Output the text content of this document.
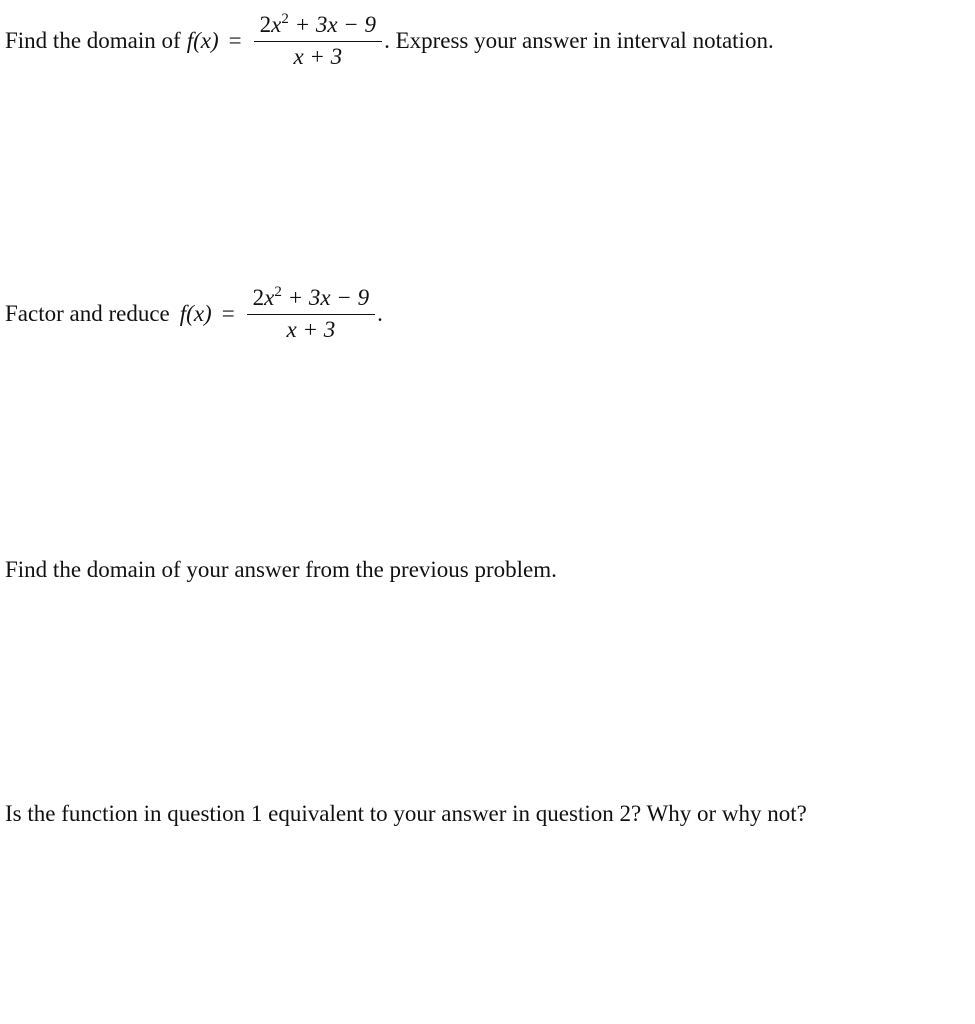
Find the domain of f $(x) = \frac{2x^2 + 3x - 9}{x + 3}$ . Express your answer in interval notation.
Factor and reduce f $(x) = \frac{2x^2 + 3x - 9}{x + 3}$ .
Find the domain of your answer from the previous problem.
Is the function in question 1 equivalent to your answer in question 2? Why or why not?
